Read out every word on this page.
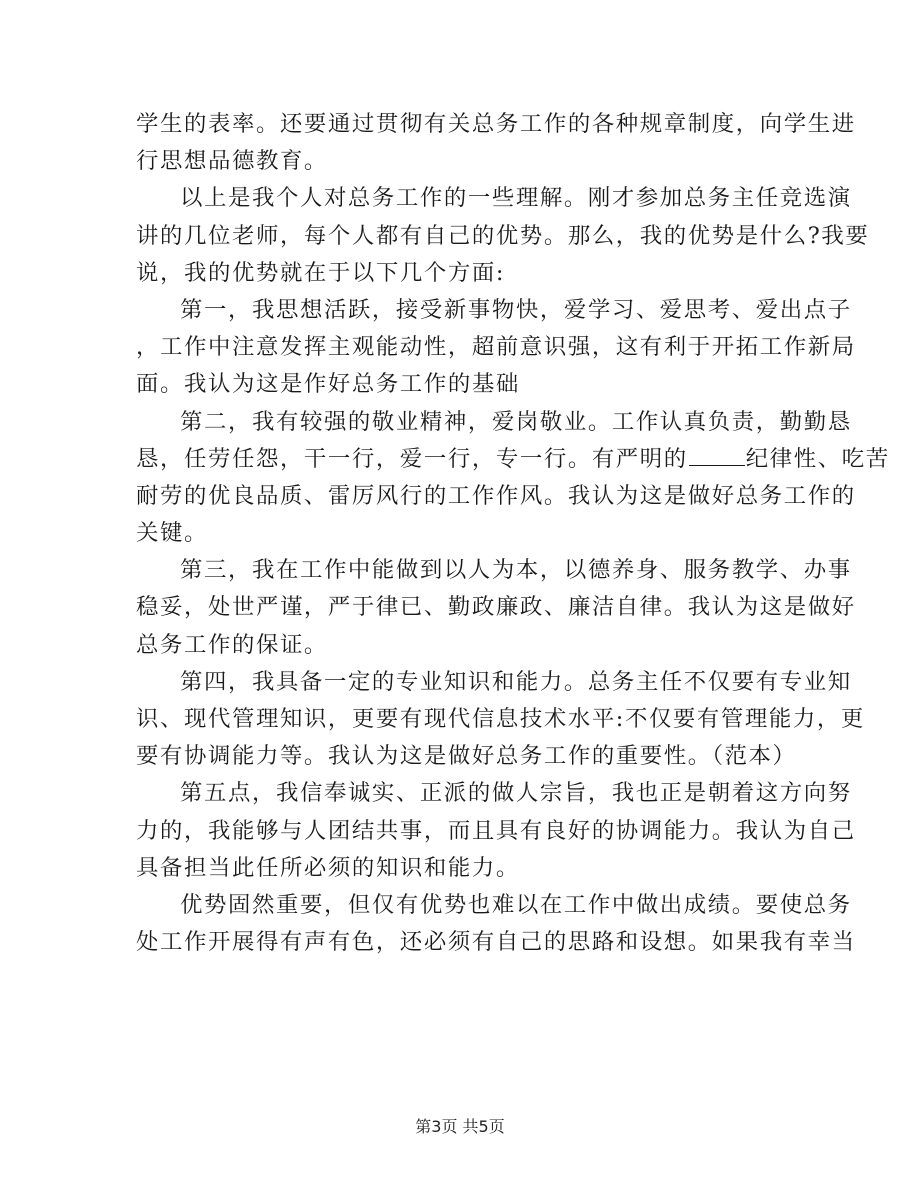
学生的表率。还要通过贯彻有关总务工作的各种规章制度，向学生进
行思想品德教育。
以上是我个人对总务工作的一些理解。刚才参加总务主任竞选演
讲的几位老师，每个人都有自己的优势。那么，我的优势是什么?我要
说，我的优势就在于以下几个方面:
第一，我思想活跃，接受新事物快，爱学习、爱思考、爱出点子
，工作中注意发挥主观能动性，超前意识强，这有利于开拓工作新局
面。我认为这是作好总务工作的基础
第二，我有较强的敬业精神，爱岗敬业。工作认真负责，勤勤恳
恳，任劳任怨，干一行，爱一行，专一行。有严明的	纪律性、吃苦
耐劳的优良品质、雷厉风行的工作作风。我认为这是做好总务工作的
关键。
第三，我在工作中能做到以人为本，以德养身、服务教学、办事
稳妥，处世严谨，严于律已、勤政廉政、廉洁自律。我认为这是做好
总务工作的保证。
第四，我具备一定的专业知识和能力。总务主任不仅要有专业知
识、现代管理知识，更要有现代信息技术水平:不仅要有管理能力，更
要有协调能力等。我认为这是做好总务工作的重要性。（范本）
第五点，我信奉诚实、正派的做人宗旨，我也正是朝着这方向努
力的，我能够与人团结共事，而且具有良好的协调能力。我认为自己
具备担当此任所必须的知识和能力。
优势固然重要，但仅有优势也难以在工作中做出成绩。要使总务
处工作开展得有声有色，还必须有自己的思路和设想。如果我有幸当
第3页 共5页
